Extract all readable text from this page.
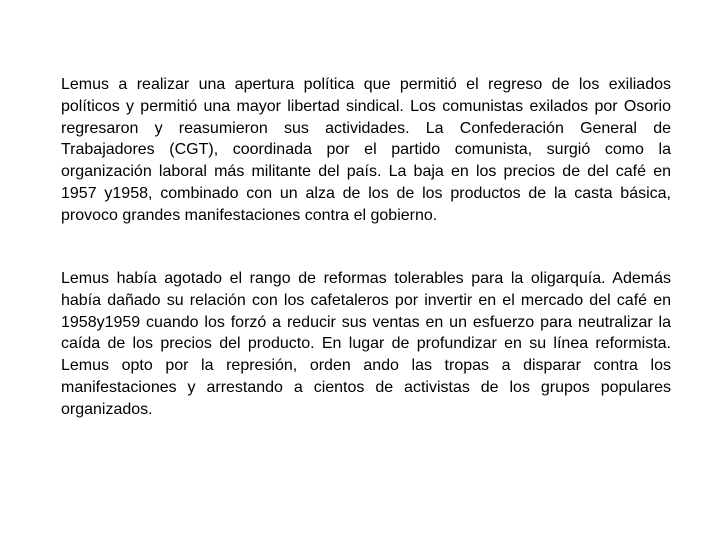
Lemus a realizar una apertura política que permitió el regreso de los exiliados políticos y permitió una mayor libertad sindical. Los comunistas exilados por Osorio regresaron y reasumieron sus actividades. La Confederación General de Trabajadores (CGT), coordinada por el partido comunista, surgió como la organización laboral más militante del país. La baja en los precios de del café en 1957 y1958, combinado con un alza de los de los productos de la casta básica, provoco grandes manifestaciones contra el gobierno.

Lemus había agotado el rango de reformas tolerables para la oligarquía. Además había dañado su relación con los cafetaleros por invertir en el mercado del café en 1958y1959 cuando los forzó a reducir sus ventas en un esfuerzo para neutralizar la caída de los precios del producto. En lugar de profundizar en su línea reformista. Lemus opto por la represión, orden ando las tropas a disparar contra los manifestaciones y arrestando a cientos de activistas de los grupos populares organizados.
